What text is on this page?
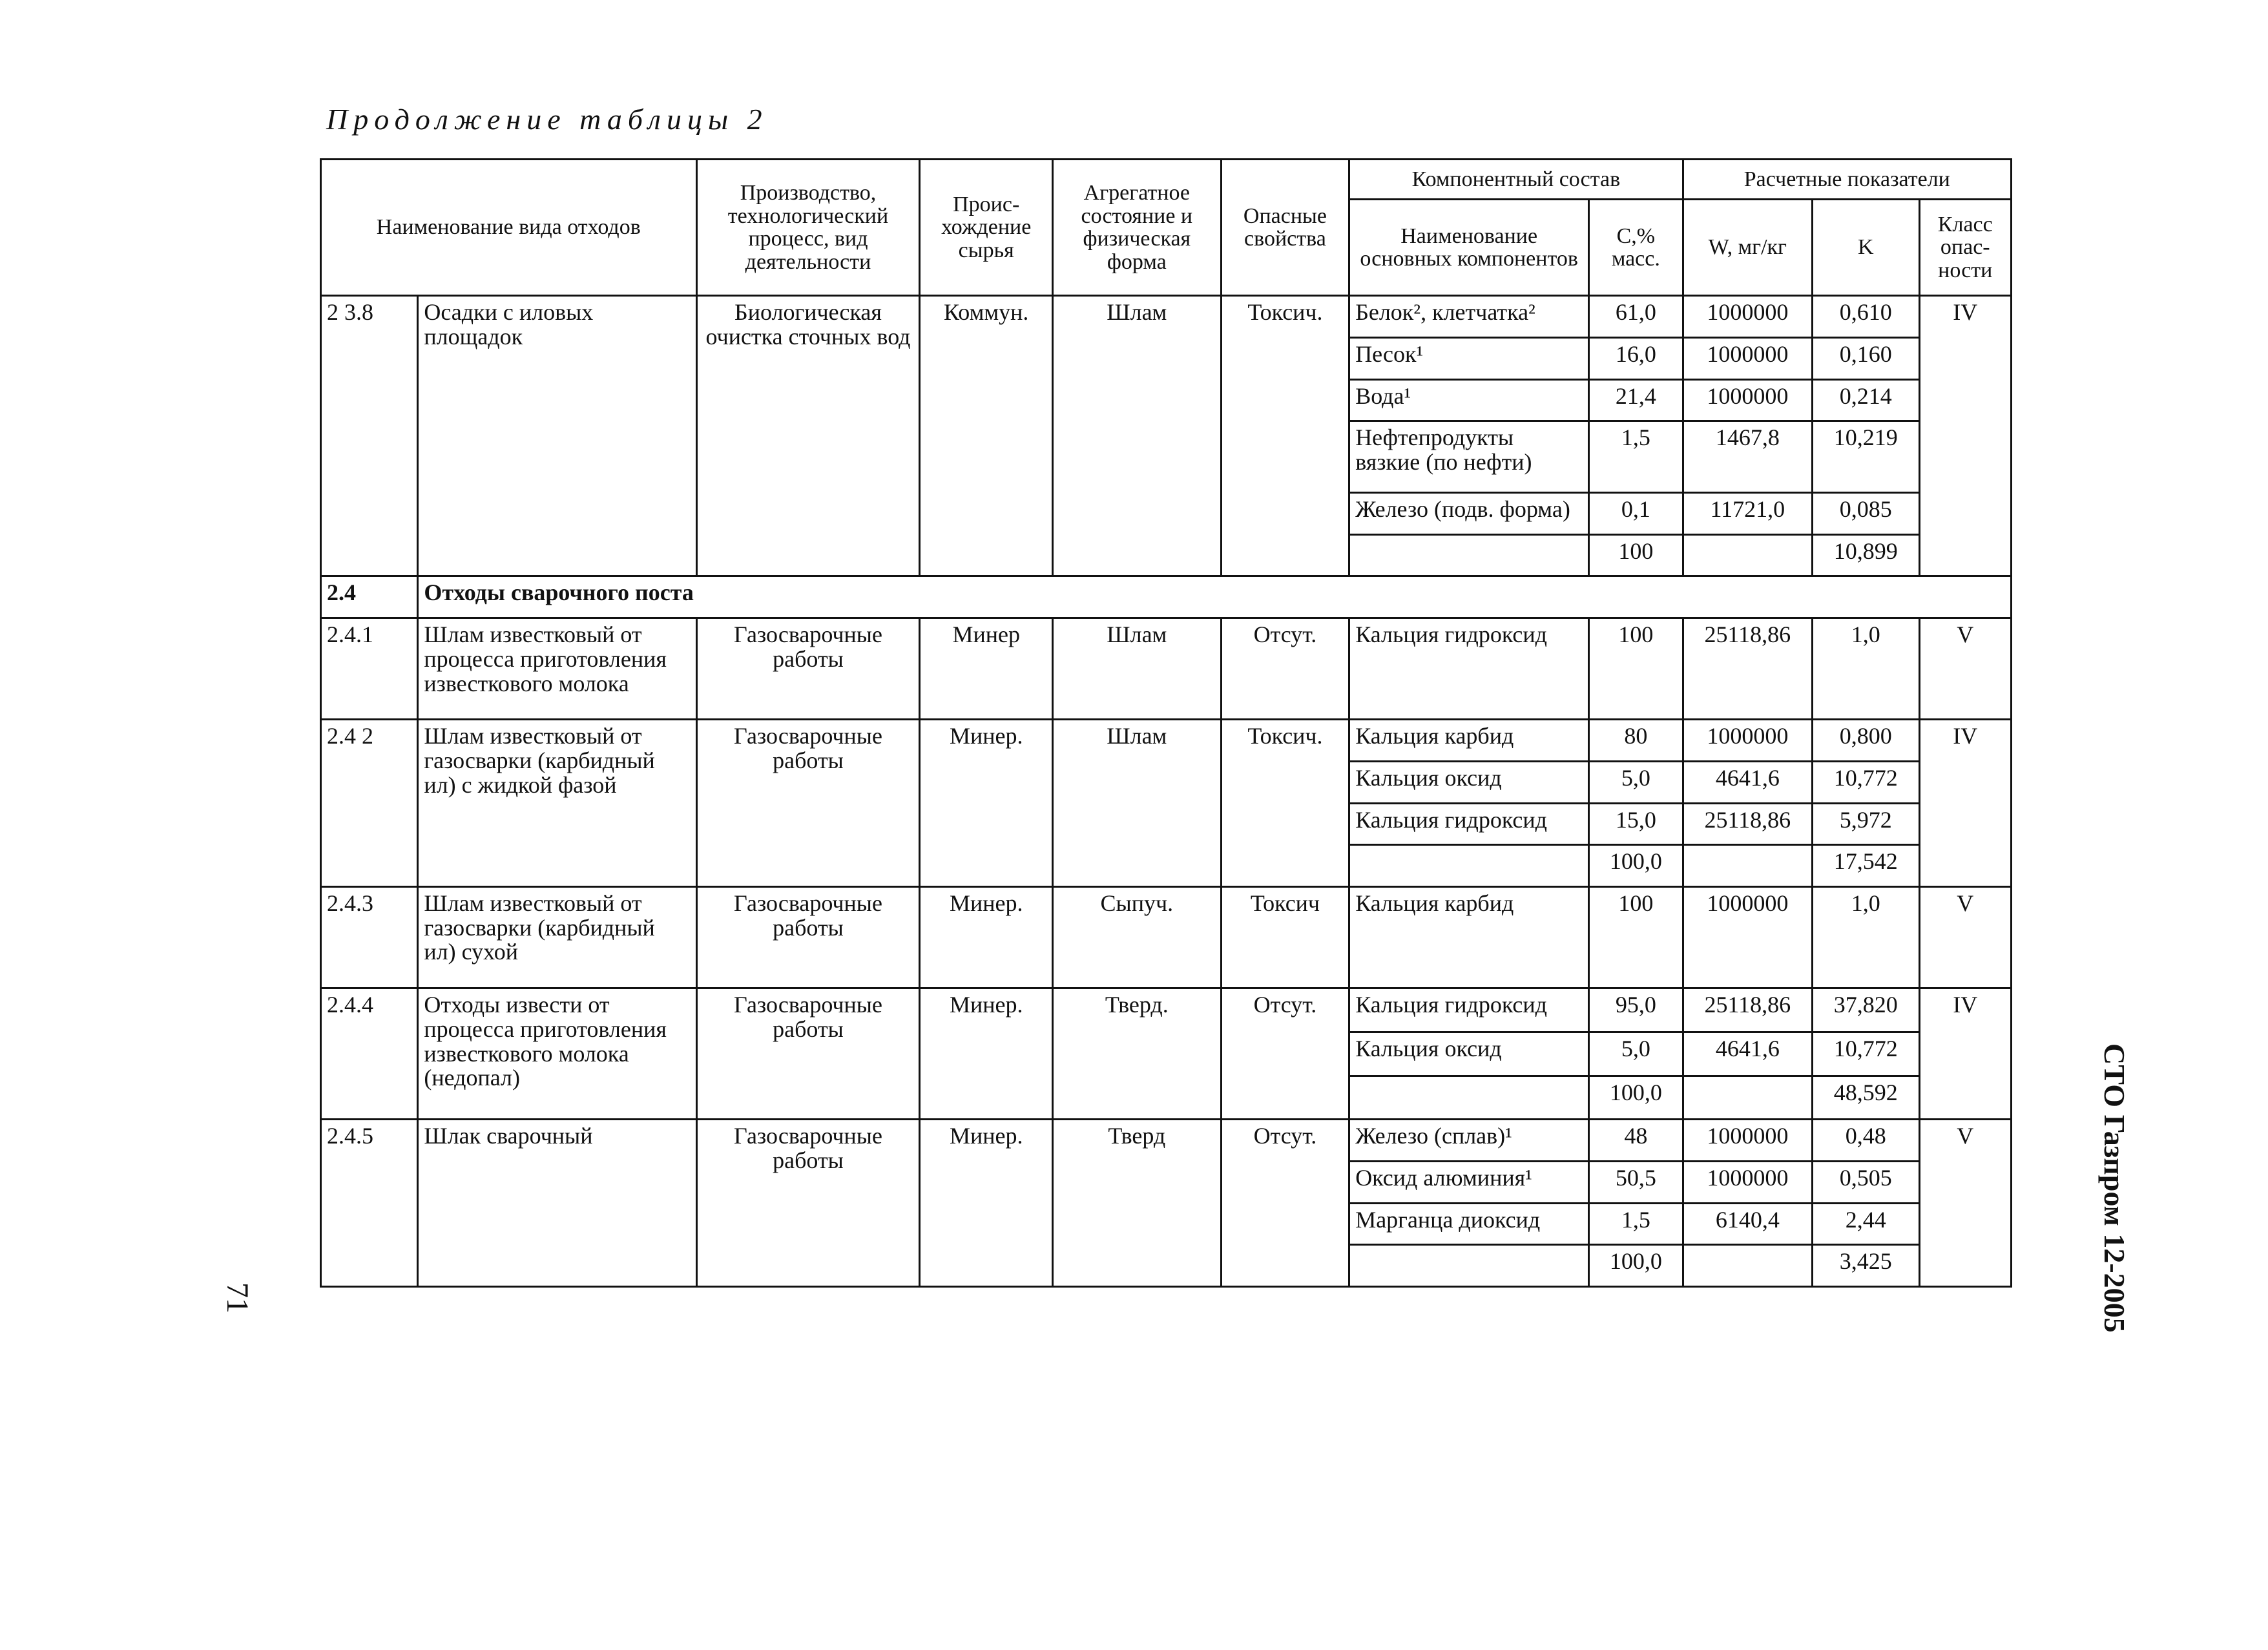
Продолжение таблицы 2
Наименование вида отходов		Производство, технологический процесс, вид деятельности	Проис-хождение сырья	Агрегатное состояние и физическая форма	Опасные свойства	Компонентный состав		Расчетные показатели		
						Наименование основных компонентов	С,% масс.	W, мг/кг	K	Класс опас-ности
2 3.8	Осадки с иловых площадок	Биологическая очистка сточных вод	Коммун.	Шлам	Токсич.	Белок², клетчатка²	61,0	1000000	0,610	IV
						Песок¹	16,0	1000000	0,160	
						Вода¹	21,4	1000000	0,214	
						Нефтепродукты вязкие (по нефти)	1,5	1467,8	10,219	
						Железо (подв. форма)	0,1	11721,0	0,085	
							100		10,899	
2.4	Отходы сварочного поста									
2.4.1	Шлам известковый от процесса приготовления известкового молока	Газосварочные работы	Минер	Шлам	Отсут.	Кальция гидроксид	100	25118,86	1,0	V
2.4 2	Шлам известковый от газосварки (карбидный ил) с жидкой фазой	Газосварочные работы	Минер.	Шлам	Токсич.	Кальция карбид	80	1000000	0,800	IV
						Кальция оксид	5,0	4641,6	10,772	
						Кальция гидроксид	15,0	25118,86	5,972	
							100,0		17,542	
2.4.3	Шлам известковый от газосварки (карбидный ил) сухой	Газосварочные работы	Минер.	Сыпуч.	Токсич	Кальция карбид	100	1000000	1,0	V
2.4.4	Отходы извести от процесса приготовления известкового молока (недопал)	Газосварочные работы	Минер.	Тверд.	Отсут.	Кальция гидроксид	95,0	25118,86	37,820	IV
						Кальция оксид	5,0	4641,6	10,772	
							100,0		48,592	
2.4.5	Шлак сварочный	Газосварочные работы	Минер.	Тверд	Отсут.	Железо (сплав)¹	48	1000000	0,48	V
						Оксид алюминия¹	50,5	1000000	0,505	
						Марганца диоксид	1,5	6140,4	2,44	
							100,0		3,425	
71	СТО Газпром 12-2005
